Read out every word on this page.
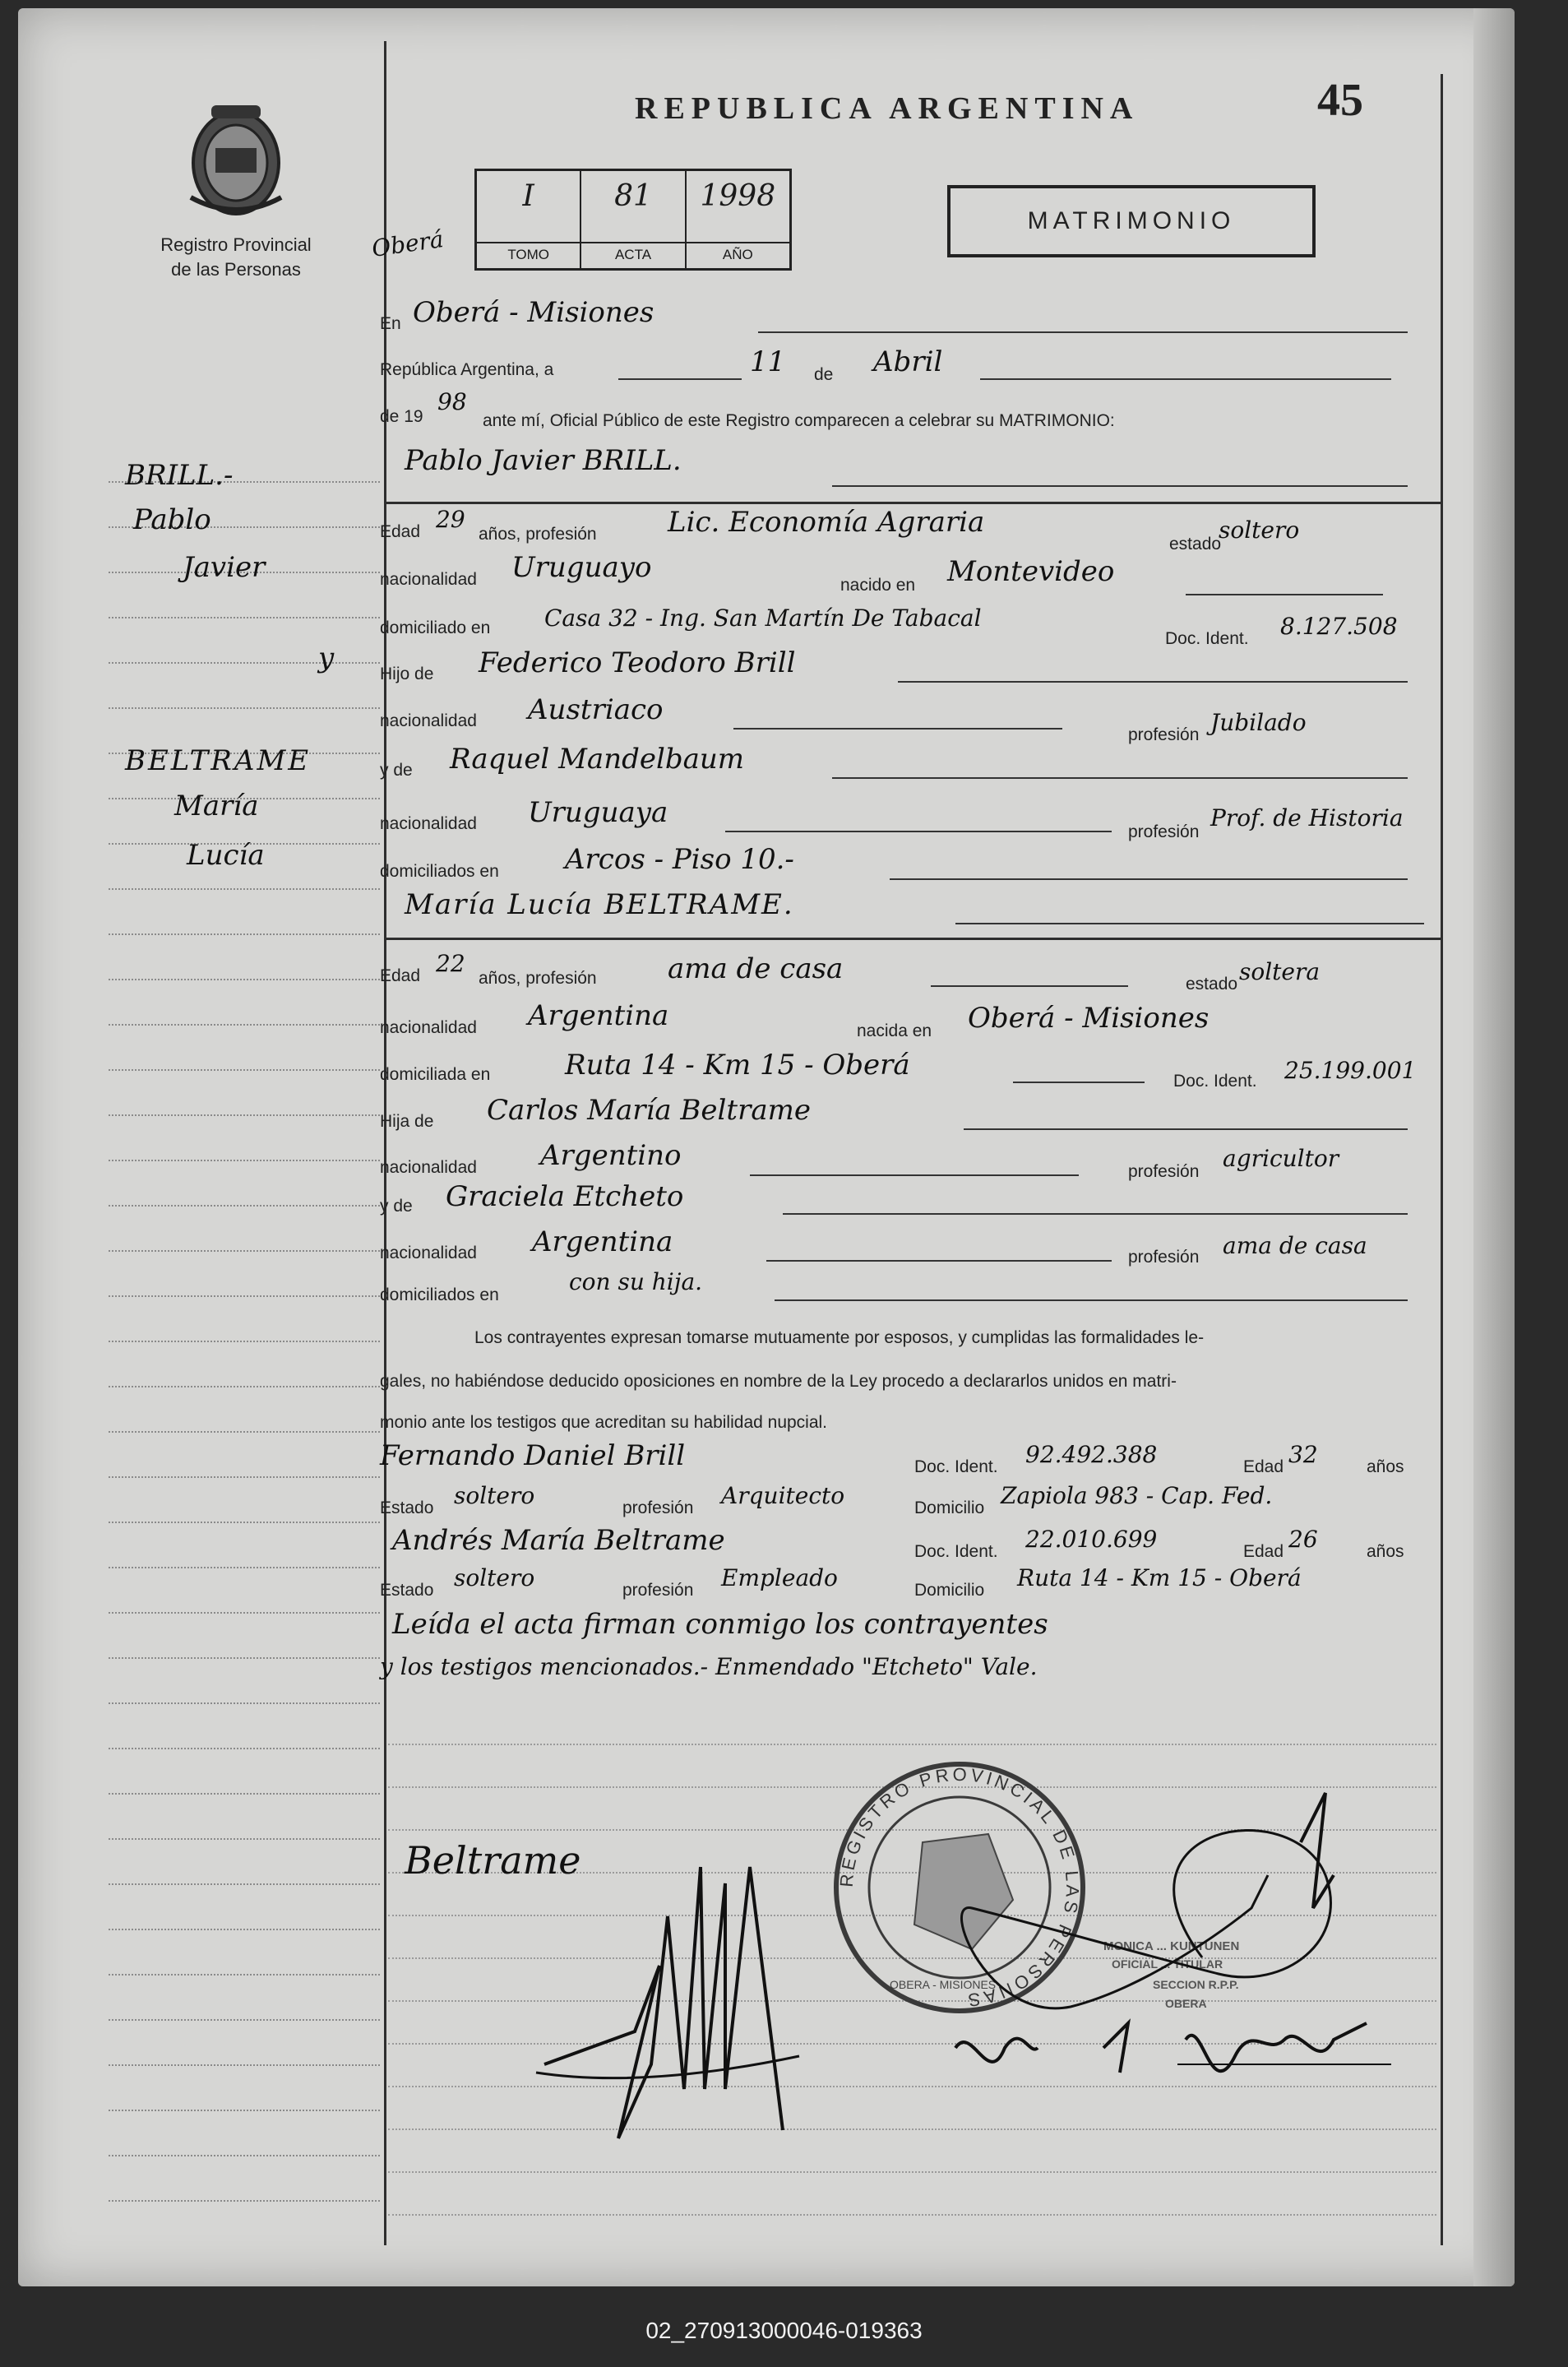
Registro Provincial
de las Personas
REPUBLICA ARGENTINA	45
Oberá
I
TOMO
81
ACTA
1998
AÑO
MATRIMONIO
En Oberá - Misiones
República Argentina, a	11 de Abril
de 19
98
ante mí, Oficial Público de este Registro comparecen a celebrar su MATRIMONIO:
BRILL.-
Pablo
Javier
y
BELTRAME
María
Lucía
Pablo Javier BRILL.
Edad 29
años, profesión	Lic. Economía Agraria
estado
soltero
nacionalidad Uruguayo
nacido en Montevideo
domiciliado en Casa 32 - Ing. San Martín De Tabacal
Doc. Ident. 8.127.508
Hijo de Federico Teodoro Brill
nacionalidad Austriaco
profesión Jubilado
y de Raquel Mandelbaum
nacionalidad Uruguaya
profesión
Prof. de Historia
domiciliados en Arcos - Piso 10.-
María Lucía BELTRAME.
Edad 22
años, profesión	ama de casa	estado soltera
nacionalidad Argentina	nacida en Oberá - Misiones
domiciliada en	Ruta 14 - Km 15 - Oberá	Doc. Ident. 25.199.001
Hija de Carlos María Beltrame
nacionalidad Argentino	profesión agricultor
y de Graciela Etcheto
nacionalidad Argentina	profesión ama de casa
domiciliados en	con su hija.
Los contrayentes expresan tomarse mutuamente por esposos, y cumplidas las formalidades le-
gales, no habiéndose deducido oposiciones en nombre de la Ley procedo a declararlos unidos en matri-
monio ante los testigos que acreditan su habilidad nupcial.
Fernando Daniel Brill	Doc. Ident. 92.492.388	Edad 32	años
Estado soltero	profesión Arquitecto	Domicilio Zapiola 983 - Cap. Fed.
Andrés María Beltrame	Doc. Ident. 22.010.699	Edad 26	años
Estado soltero	profesión Empleado	Domicilio Ruta 14 - Km 15 - Oberá
Leída el acta firman conmigo los contrayentes
y los testigos mencionados.- Enmendado "Etcheto" Vale.
Beltrame	REGISTRO PROVINCIAL DE LAS PERSONAS
OBERA - MISIONES
MONICA ... KUNTUNEN
OFICIAL ... TITULAR
SECCION R.P.P.
OBERA
02_270913000046-019363
